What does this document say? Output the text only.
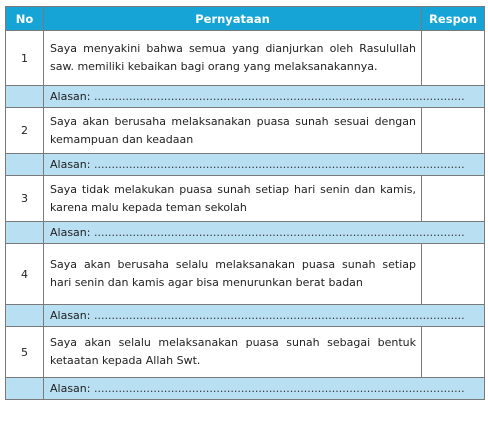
No	Pernyataan	Respon
1	Saya menyakini bahwa semua yang dianjurkan oleh Rasulullah saw. memiliki kebaikan bagi orang yang melaksanakannya.	
	Alasan: ..........................................................................................................	
2	Saya akan berusaha melaksanakan puasa sunah sesuai dengan kemampuan dan keadaan	
	Alasan: ..........................................................................................................	
3	Saya tidak melakukan puasa sunah setiap hari senin dan kamis, karena malu kepada teman sekolah	
	Alasan: ..........................................................................................................	
4	Saya akan berusaha selalu melaksanakan puasa sunah setiap hari senin dan kamis agar bisa menurunkan berat badan	
	Alasan: ..........................................................................................................	
5	Saya akan selalu melaksanakan puasa sunah sebagai bentuk ketaatan kepada Allah Swt.	
	Alasan: ..........................................................................................................	
